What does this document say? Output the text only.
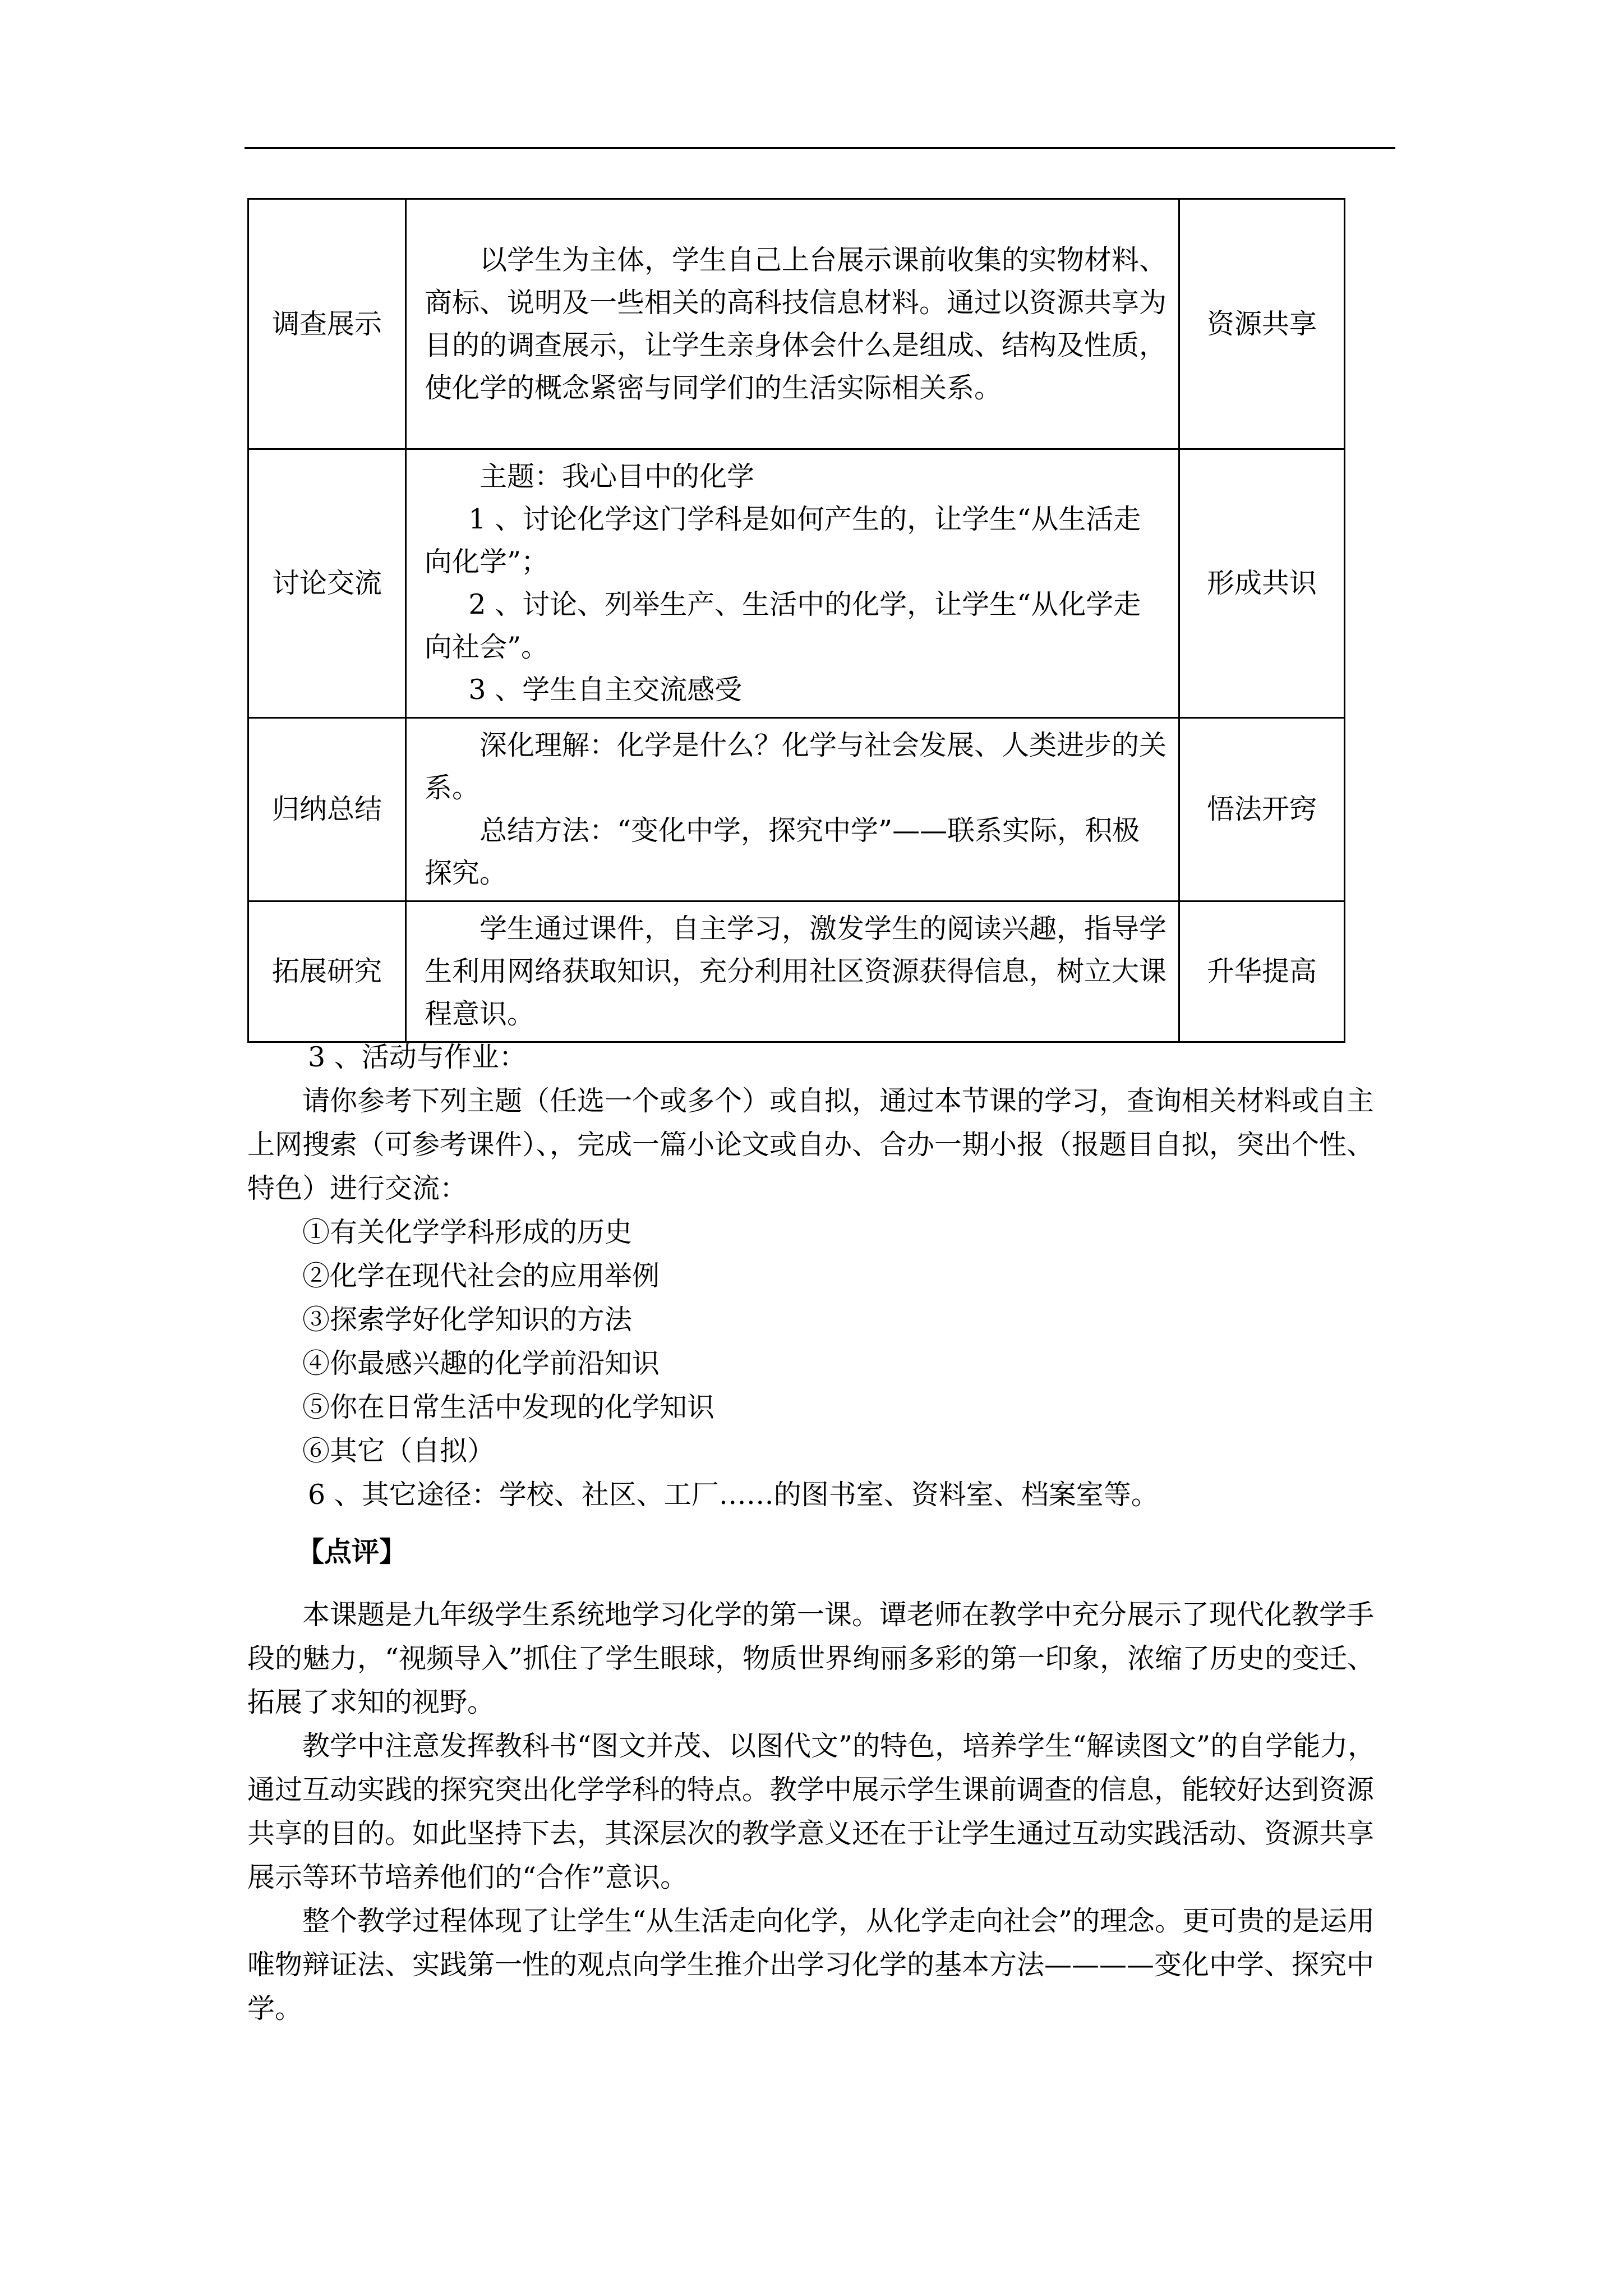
调查展示	以学生为主体，学生自己上台展示课前收集的实物材料、商标、说明及一些相关的高科技信息材料。通过以资源共享为目的的调查展示，让学生亲身体会什么是组成、结构及性质，使化学的概念紧密与同学们的生活实际相关系。	资源共享
讨论交流	主题：我心目中的化学

1 、讨论化学这门学科是如何产生的，让学生“从生活走向化学”；

2 、讨论、列举生产、生活中的化学，让学生“从化学走向社会”。

3 、学生自主交流感受	形成共识
归纳总结	深化理解：化学是什么？化学与社会发展、人类进步的关系。

总结方法：“变化中学，探究中学”——联系实际，积极探究。	悟法开窍
拓展研究	学生通过课件，自主学习，激发学生的阅读兴趣，指导学生利用网络获取知识，充分利用社区资源获得信息，树立大课程意识。	升华提高

3 、活动与作业：

请你参考下列主题（任选一个或多个）或自拟，通过本节课的学习，查询相关材料或自主上网搜索（可参考课件）、，完成一篇小论文或自办、合办一期小报（报题目自拟，突出个性、特色）进行交流：

①有关化学学科形成的历史

②化学在现代社会的应用举例

③探索学好化学知识的方法

④你最感兴趣的化学前沿知识

⑤你在日常生活中发现的化学知识

⑥其它（自拟）

6 、其它途径：学校、社区、工厂……的图书室、资料室、档案室等。

【点评】

本课题是九年级学生系统地学习化学的第一课。谭老师在教学中充分展示了现代化教学手段的魅力，“视频导入”抓住了学生眼球，物质世界绚丽多彩的第一印象，浓缩了历史的变迁、拓展了求知的视野。

教学中注意发挥教科书“图文并茂、以图代文”的特色，培养学生“解读图文”的自学能力，通过互动实践的探究突出化学学科的特点。教学中展示学生课前调查的信息，能较好达到资源共享的目的。如此坚持下去，其深层次的教学意义还在于让学生通过互动实践活动、资源共享展示等环节培养他们的“合作”意识。

整个教学过程体现了让学生“从生活走向化学，从化学走向社会”的理念。更可贵的是运用唯物辩证法、实践第一性的观点向学生推介出学习化学的基本方法————变化中学、探究中学。
